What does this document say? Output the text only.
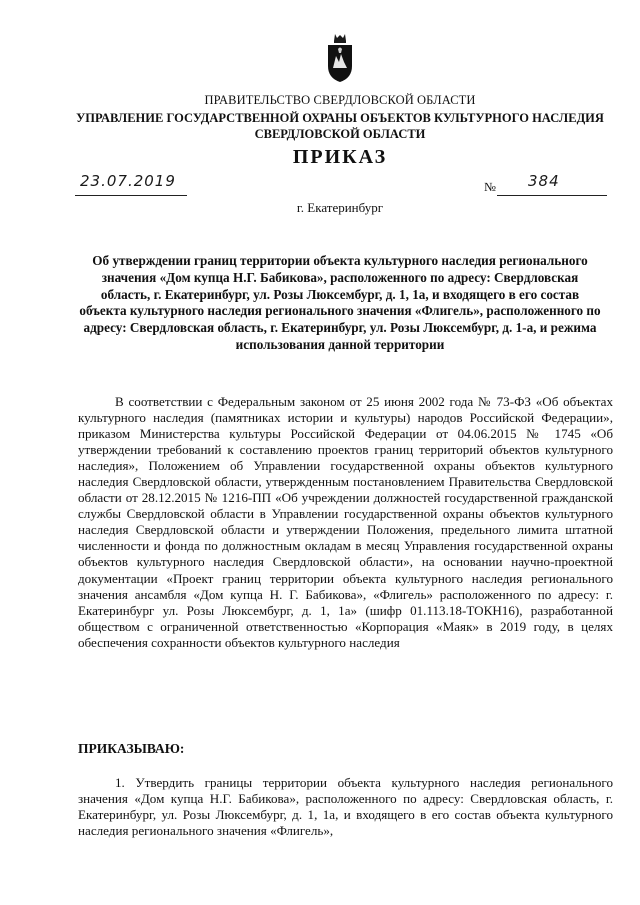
ПРАВИТЕЛЬСТВО СВЕРДЛОВСКОЙ ОБЛАСТИ
УПРАВЛЕНИЕ ГОСУДАРСТВЕННОЙ ОХРАНЫ ОБЪЕКТОВ КУЛЬТУРНОГО НАСЛЕДИЯ СВЕРДЛОВСКОЙ ОБЛАСТИ
ПРИКАЗ
23.07.2019	№ 384
г. Екатеринбург
Об утверждении границ территории объекта культурного наследия регионального значения «Дом купца Н.Г. Бабикова», расположенного по адресу: Свердловская область, г. Екатеринбург, ул. Розы Люксембург, д. 1, 1а, и входящего в его состав объекта культурного наследия регионального значения «Флигель», расположенного по адресу: Свердловская область, г. Екатеринбург, ул. Розы Люксембург, д. 1-а, и режима использования данной территории

В соответствии с Федеральным законом от 25 июня 2002 года № 73-ФЗ «Об объектах культурного наследия (памятниках истории и культуры) народов Российской Федерации», приказом Министерства культуры Российской Федерации от 04.06.2015 № 1745 «Об утверждении требований к составлению проектов границ территорий объектов культурного наследия», Положением об Управлении государственной охраны объектов культурного наследия Свердловской области, утвержденным постановлением Правительства Свердловской области от 28.12.2015 № 1216-ПП «Об учреждении должностей государственной гражданской службы Свердловской области в Управлении государственной охраны объектов культурного наследия Свердловской области и утверждении Положения, предельного лимита штатной численности и фонда по должностным окладам в месяц Управления государственной охраны объектов культурного наследия Свердловской области», на основании научно-проектной документации «Проект границ территории объекта культурного наследия регионального значения ансамбля «Дом купца Н. Г. Бабикова», «Флигель» расположенного по адресу: г. Екатеринбург ул. Розы Люксембург, д. 1, 1а» (шифр 01.113.18-ТОКН16), разработанной обществом с ограниченной ответственностью «Корпорация «Маяк» в 2019 году, в целях обеспечения сохранности объектов культурного наследия

ПРИКАЗЫВАЮ:

1. Утвердить границы территории объекта культурного наследия регионального значения «Дом купца Н.Г. Бабикова», расположенного по адресу: Свердловская область, г. Екатеринбург, ул. Розы Люксембург, д. 1, 1а, и входящего в его состав объекта культурного наследия регионального значения «Флигель»,
